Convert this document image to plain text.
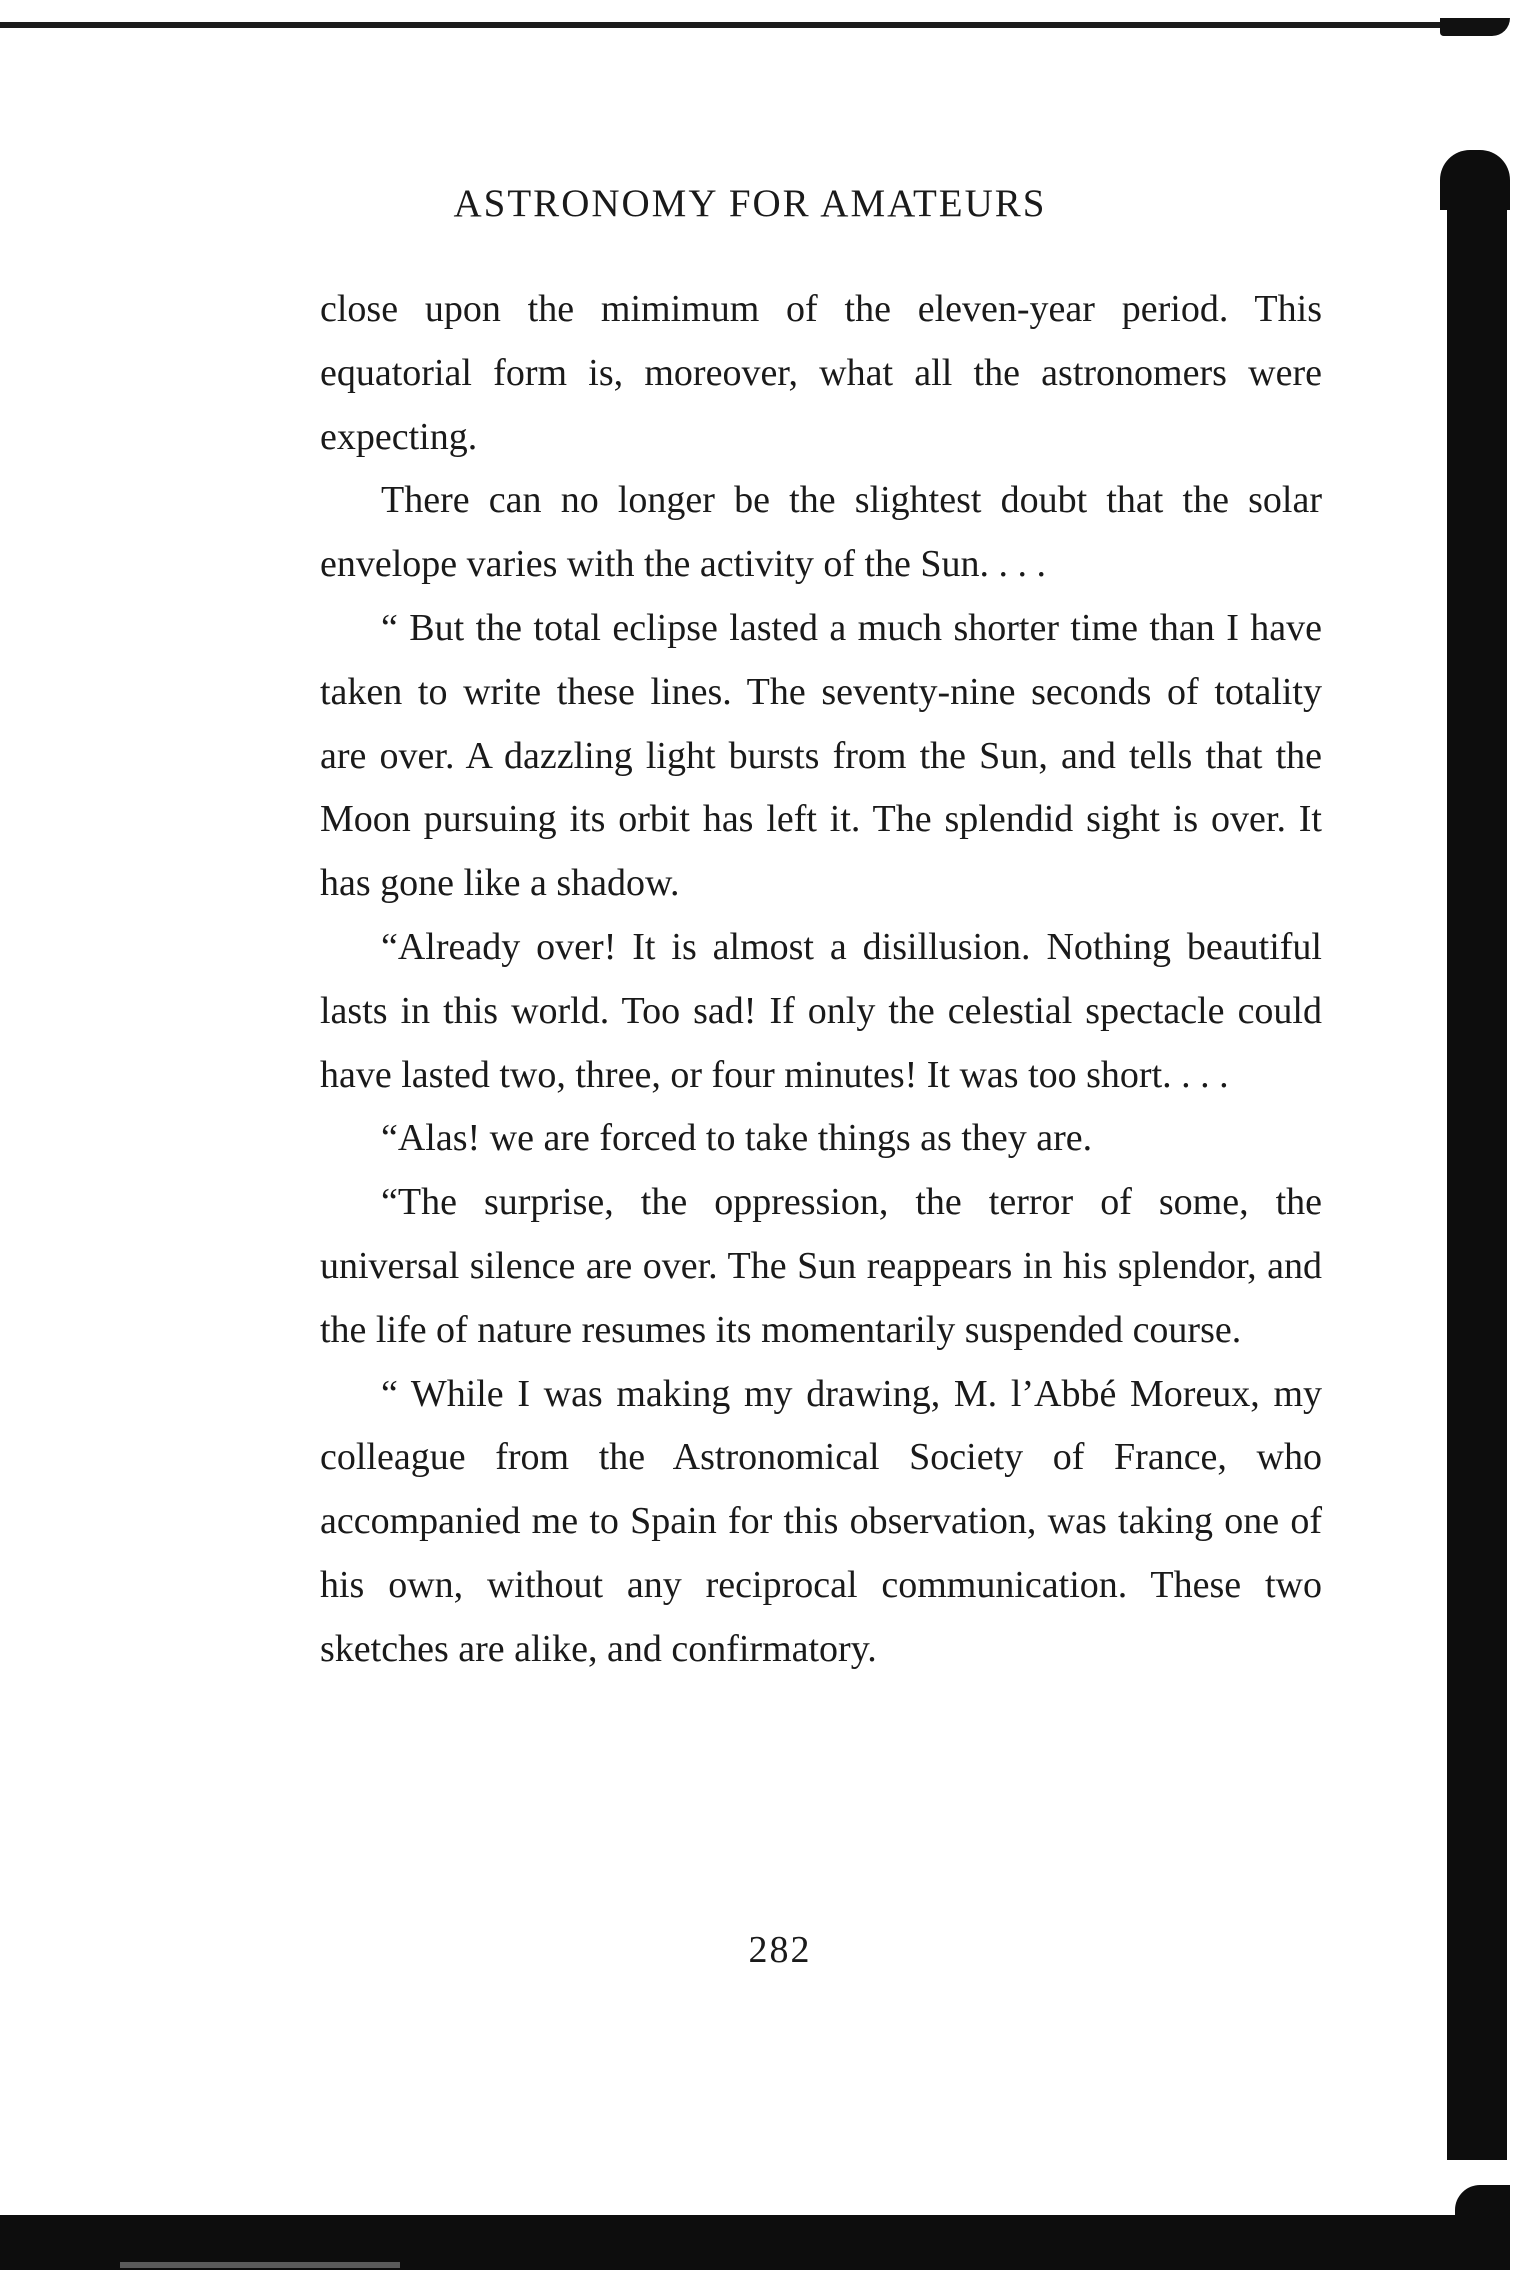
ASTRONOMY FOR AMATEURS

close upon the mimimum of the eleven-year period. This equatorial form is, moreover, what all the astronomers were expecting.

There can no longer be the slightest doubt that the solar envelope varies with the activity of the Sun. . . .

“ But the total eclipse lasted a much shorter time than I have taken to write these lines. The seventy-nine seconds of totality are over. A dazzling light bursts from the Sun, and tells that the Moon pursuing its orbit has left it. The splendid sight is over. It has gone like a shadow.

“Already over! It is almost a disillusion. Nothing beautiful lasts in this world. Too sad! If only the celestial spectacle could have lasted two, three, or four minutes! It was too short. . . .

“Alas! we are forced to take things as they are.

“The surprise, the oppression, the terror of some, the universal silence are over. The Sun reappears in his splendor, and the life of nature resumes its momentarily suspended course.

“ While I was making my drawing, M. l’Abbé Moreux, my colleague from the Astronomical Society of France, who accompanied me to Spain for this observation, was taking one of his own, without any reciprocal communication. These two sketches are alike, and confirmatory.

282
